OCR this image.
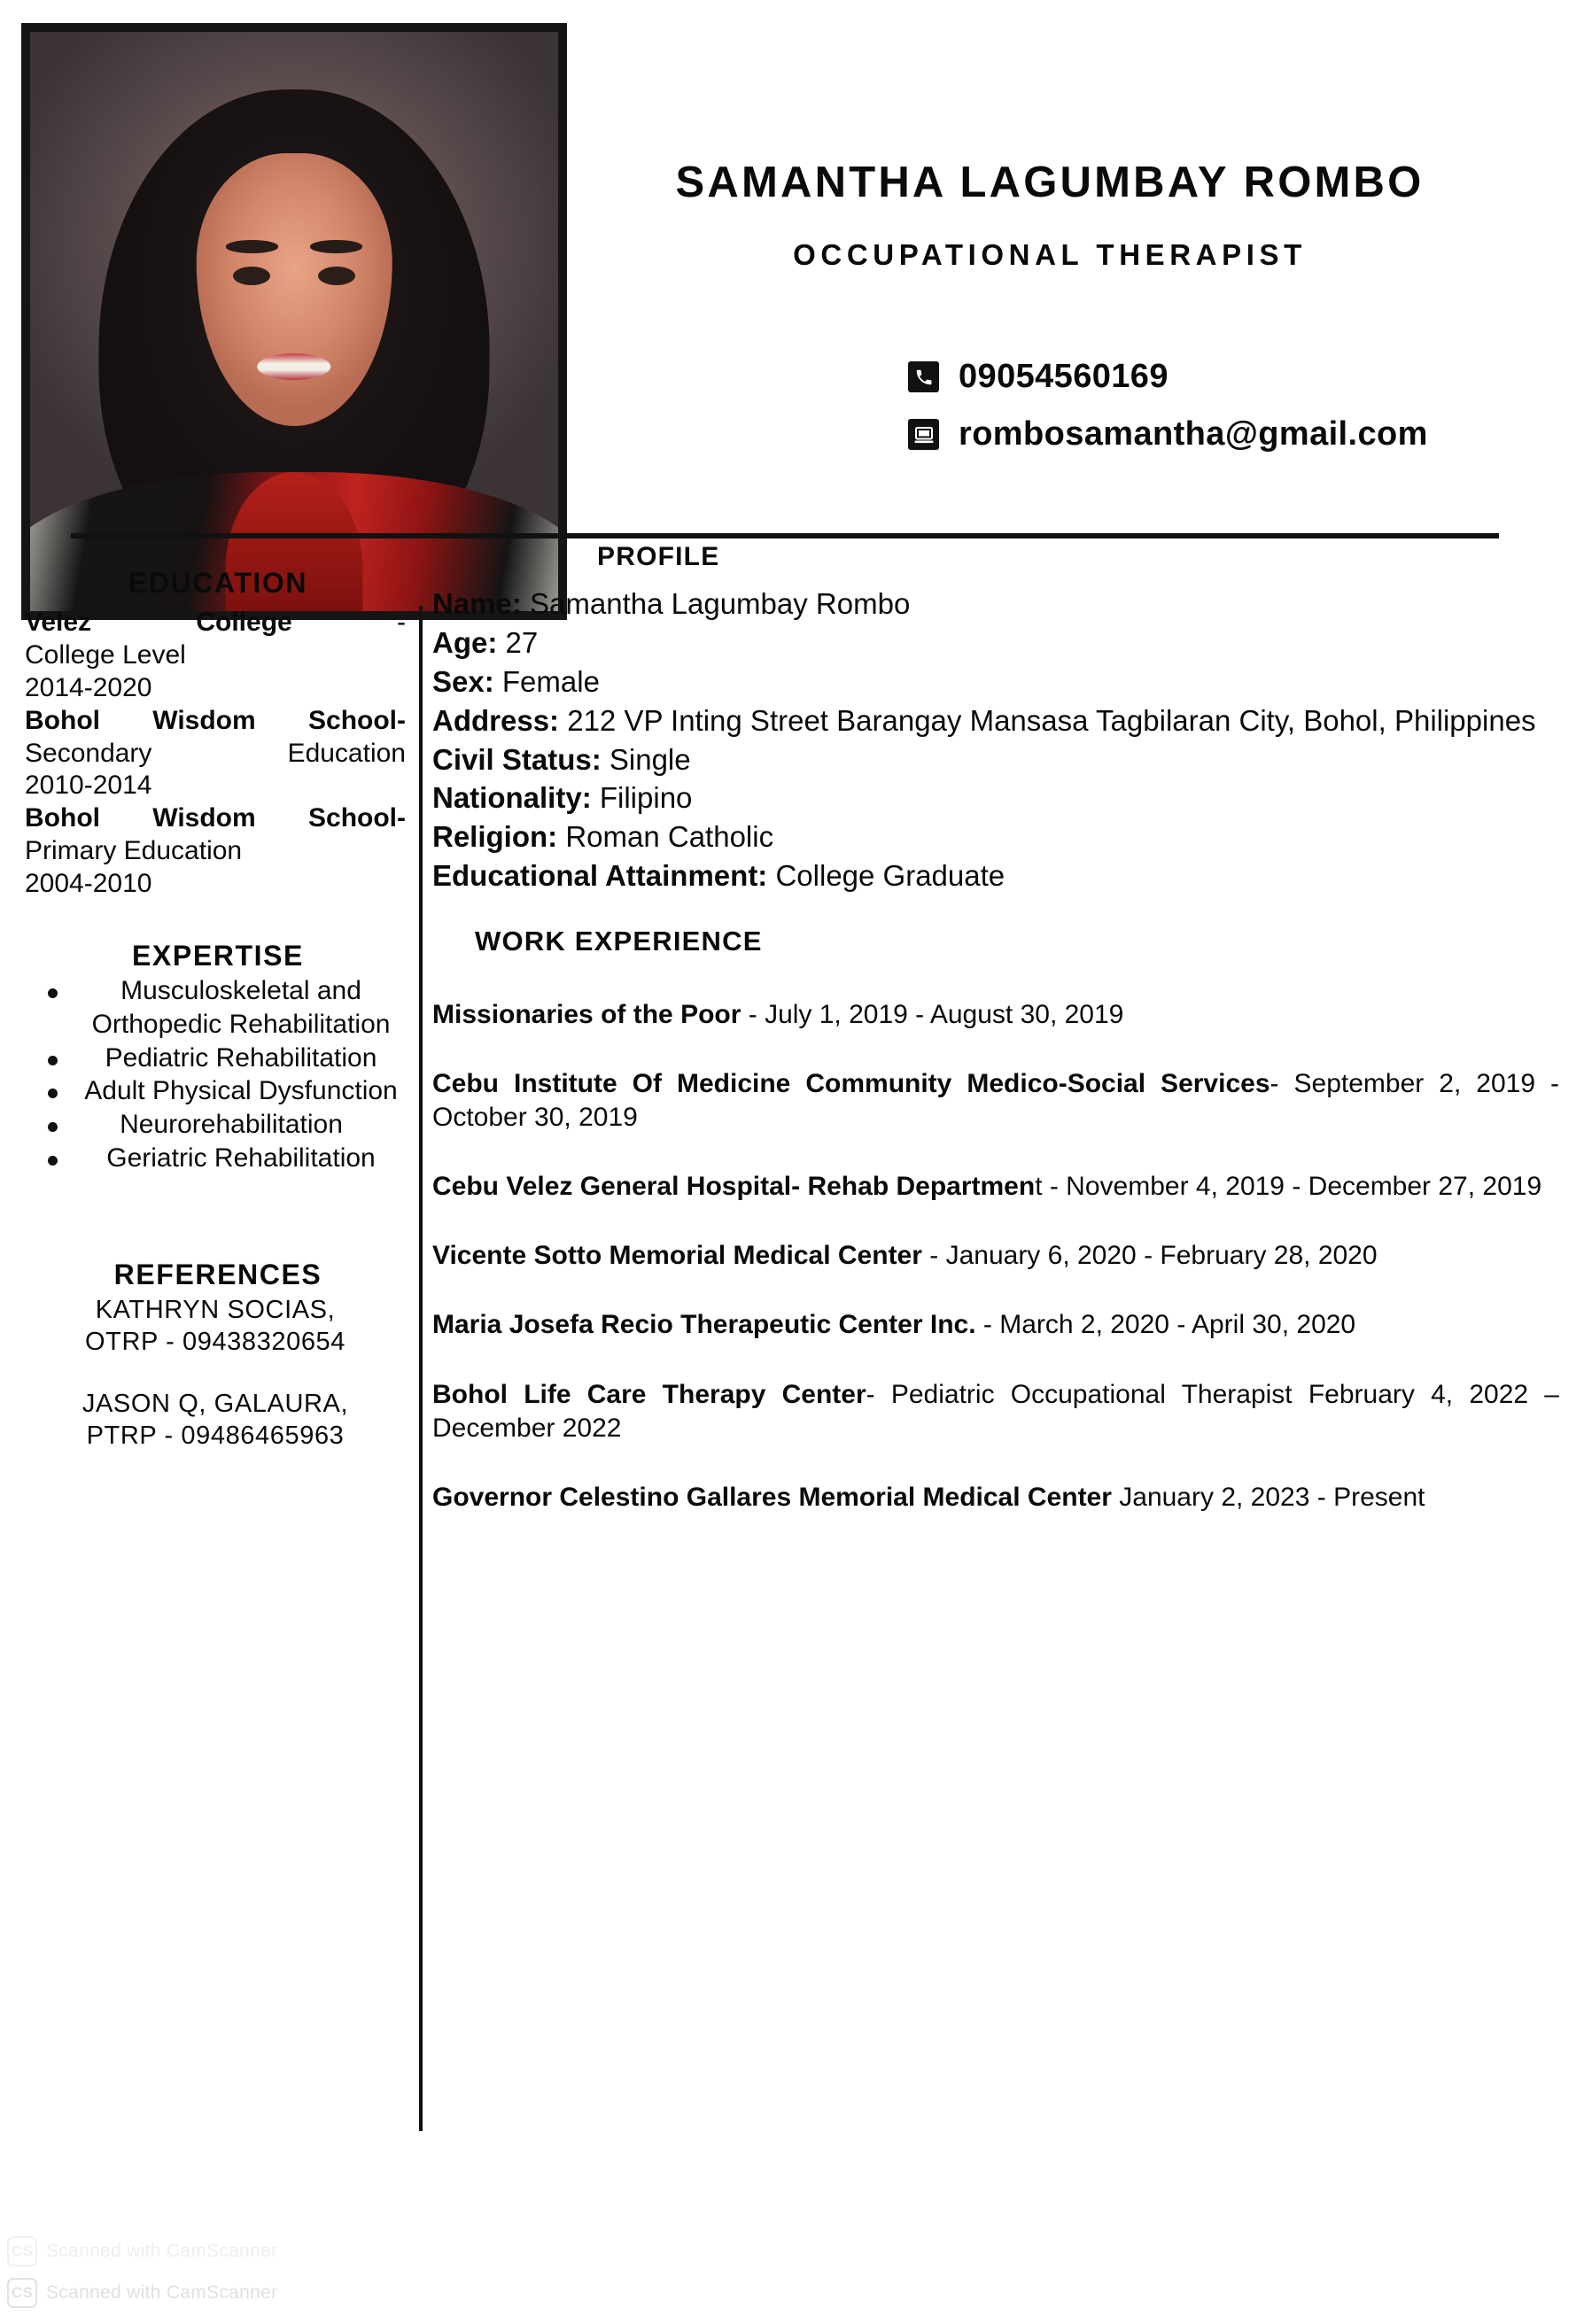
SAMANTHA LAGUMBAY ROMBO
OCCUPATIONAL THERAPIST
09054560169
rombosamantha@gmail.com
EDUCATION

Velez College	-

College Level

2014-2020

Bohol Wisdom School- Secondary Education

2010-2014

Bohol Wisdom School-Primary Education

2004-2010

EXPERTISE
Musculoskeletal and Orthopedic Rehabilitation
Pediatric Rehabilitation
Adult Physical Dysfunction
Neurorehabilitation
Geriatric Rehabilitation
REFERENCES
KATHRYN SOCIAS,
OTRP - 09438320654
JASON Q, GALAURA,
PTRP - 09486465963
PROFILE

Name: Samantha Lagumbay Rombo

Age: 27

Sex: Female

Address: 212 VP Inting Street Barangay Mansasa Tagbilaran City, Bohol, Philippines

Civil Status: Single

Nationality: Filipino

Religion: Roman Catholic

Educational Attainment: College Graduate

WORK EXPERIENCE
Missionaries of the Poor - July 1, 2019 - August 30, 2019
Cebu Institute Of Medicine Community Medico-Social Services- September 2, 2019 - October 30, 2019
Cebu Velez General Hospital- Rehab Department - November 4, 2019 - December 27, 2019
Vicente Sotto Memorial Medical Center - January 6, 2020 - February 28, 2020
Maria Josefa Recio Therapeutic Center Inc. - March 2, 2020 - April 30, 2020
Bohol Life Care Therapy Center- Pediatric Occupational Therapist February 4, 2022 – December 2022
Governor Celestino Gallares Memorial Medical Center January 2, 2023 - Present
CS Scanned with CamScanner
CS Scanned with CamScanner
